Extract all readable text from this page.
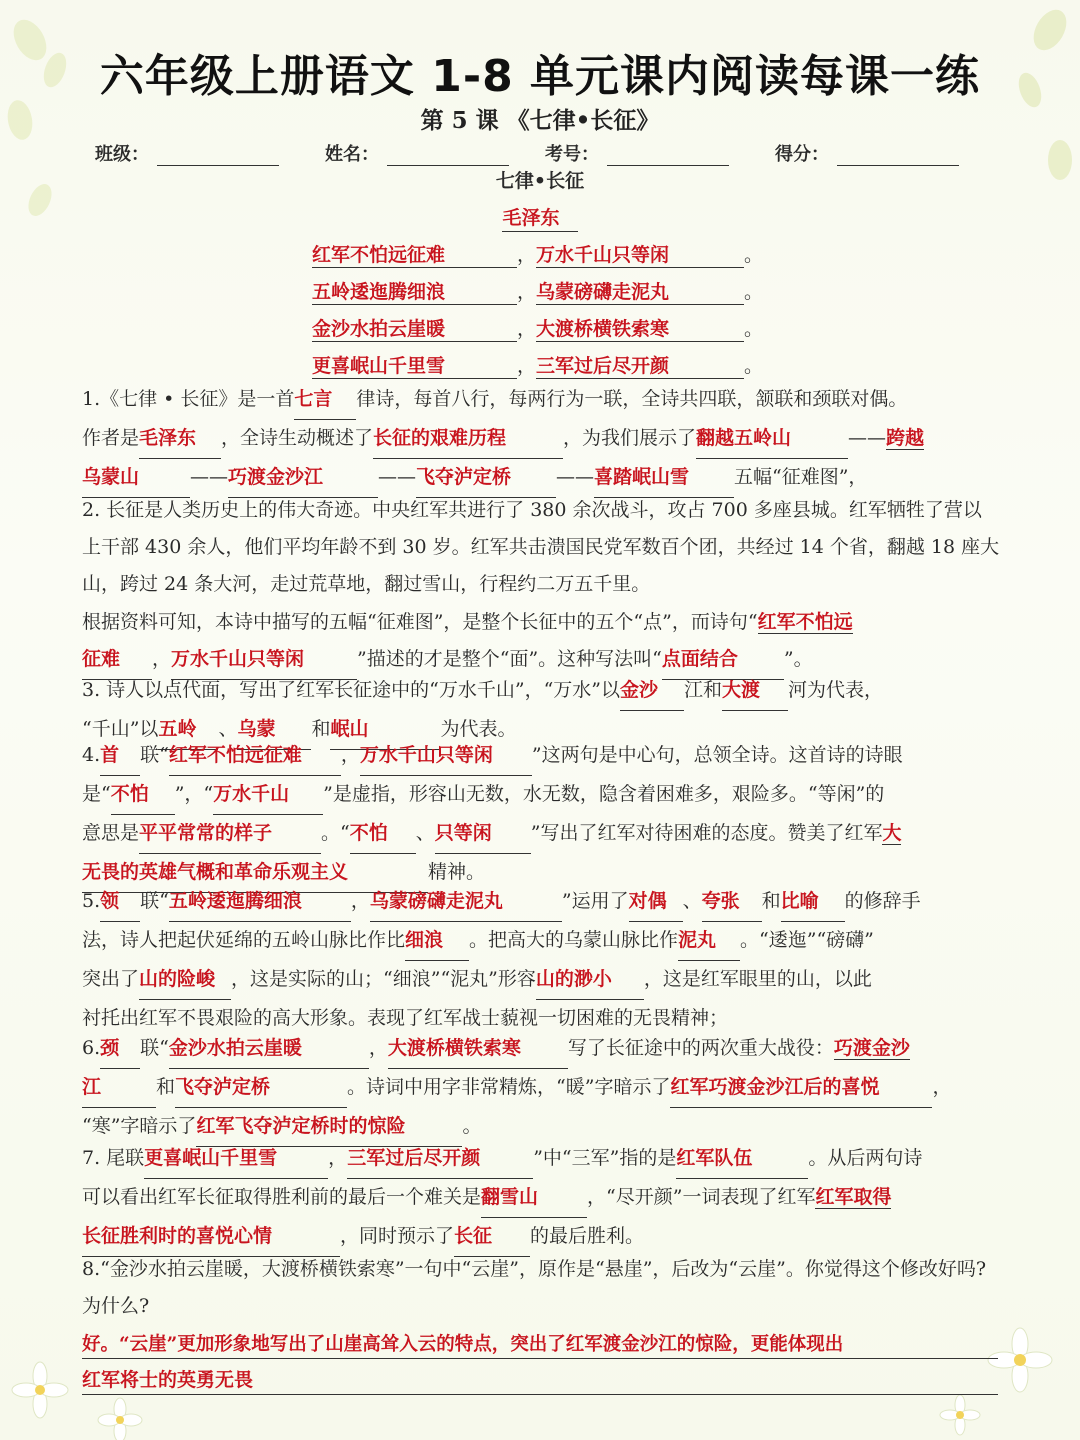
六年级上册语文 1-8 单元课内阅读每课一练
第 5 课 《七律•长征》
班级：	姓名：	考号：	得分：
七律•长征
毛泽东
红军不怕远征难	，万水千山只等闲	。
五岭逶迤腾细浪	，乌蒙磅礴走泥丸	。
金沙水拍云崖暖	，大渡桥横铁索寒	。
更喜岷山千里雪	，三军过后尽开颜	。
1.《七律 • 长征》是一首七言 律诗，每首八行，每两行为一联，全诗共四联，颔联和颈联对偶。
作者是毛泽东 ，全诗生动概述了长征的艰难历程	，为我们展示了翻越五岭山	——跨越
乌蒙山	——巧渡金沙江	——飞夺泸定桥 ——喜踏岷山雪 五幅“征难图”，
2. 长征是人类历史上的伟大奇迹。中央红军共进行了 380 余次战斗，攻占 700 多座县城。红军牺牲了营以上干部 430 余人，他们平均年龄不到 30 岁。红军共击溃国民党军数百个团，共经过 14 个省，翻越 18 座大山，跨过 24 条大河，走过荒草地，翻过雪山，行程约二万五千里。
根据资料可知，本诗中描写的五幅“征难图”，是整个长征中的五个“点”，而诗句“红军不怕远
征难 ，万水千山只等闲	”描述的才是整个“面”。这种写法叫“点面结合 ”。
3. 诗人以点代面，写出了红军长征途中的“万水千山”，“万水”以金沙 江和大渡 河为代表，
“千山”以五岭 、乌蒙 和岷山	为代表。
4.首 联“红军不怕远征难 ，万水千山只等闲 ”这两句是中心句，总领全诗。这首诗的诗眼
是“不怕 ”，“万水千山 ”是虚指，形容山无数，水无数，隐含着困难多，艰险多。“等闲”的
意思是平平常常的样子	。“不怕 、只等闲 ”写出了红军对待困难的态度。赞美了红军大
无畏的英雄气概和革命乐观主义	精神。
5.领 联“五岭逶迤腾细浪	，乌蒙磅礴走泥丸	”运用了对偶 、夸张 和比喻 的修辞手
法，诗人把起伏延绵的五岭山脉比作比细浪 。把高大的乌蒙山脉比作泥丸 。“逶迤”“磅礴”
突出了山的险峻 ，这是实际的山；“细浪”“泥丸”形容山的渺小 ，这是红军眼里的山，以此
衬托出红军不畏艰险的高大形象。表现了红军战士藐视一切困难的无畏精神；
6.颈 联“金沙水拍云崖暖	，大渡桥横铁索寒 写了长征途中的两次重大战役：巧渡金沙
江	和飞夺泸定桥	。诗词中用字非常精炼，“暖”字暗示了红军巧渡金沙江后的喜悦	，
“寒”字暗示了红军飞夺泸定桥时的惊险	。
7. 尾联更喜岷山千里雪	，三军过后尽开颜	”中“三军”指的是红军队伍	。从后两句诗
可以看出红军长征取得胜利前的最后一个难关是翻雪山	，“尽开颜”一词表现了红军红军取得
长征胜利时的喜悦心情	，同时预示了长征 的最后胜利。
8.“金沙水拍云崖暖，大渡桥横铁索寒”一句中“云崖”，原作是“悬崖”，后改为“云崖”。你觉得这个修改好吗?为什么?
好。“云崖”更加形象地写出了山崖高耸入云的特点，突出了红军渡金沙江的惊险，更能体现出
红军将士的英勇无畏
